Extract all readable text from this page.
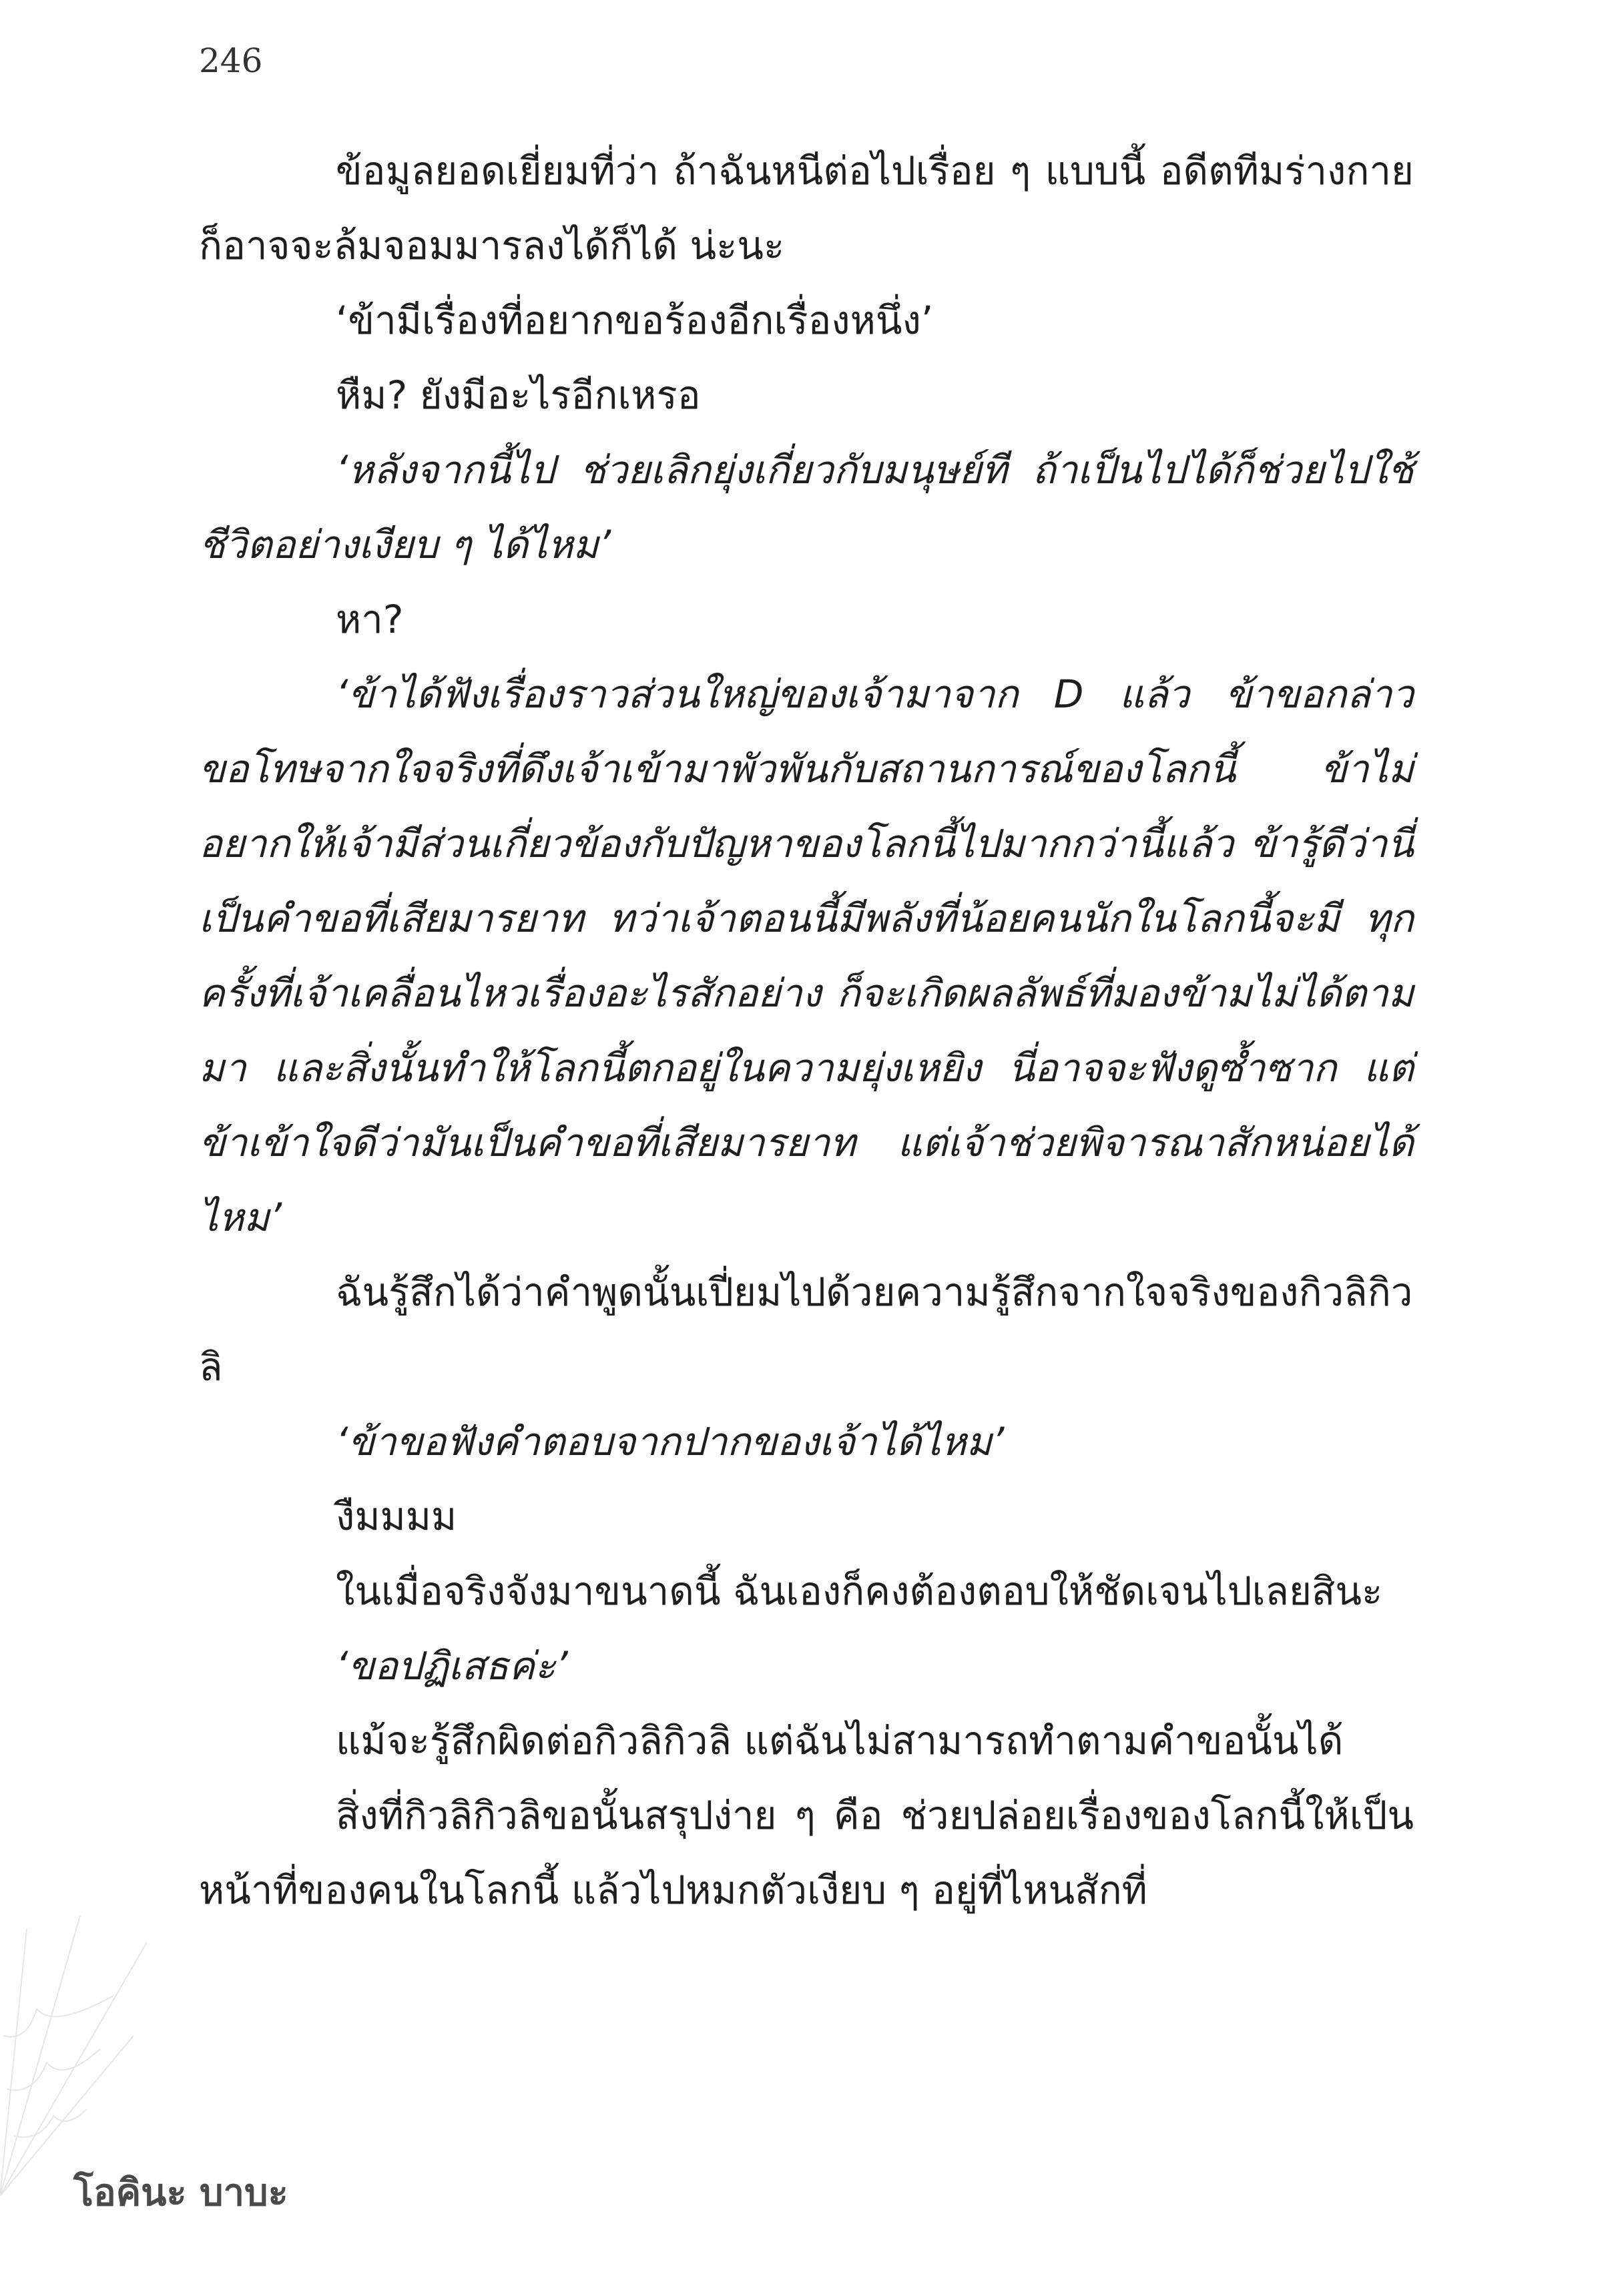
246

ข้อมูลยอดเยี่ยมที่ว่า ถ้าฉันหนีต่อไปเรื่อย ๆ แบบนี้ อดีตทีมร่างกายก็อาจจะล้มจอมมารลงได้ก็ได้ น่ะนะ

‘ข้ามีเรื่องที่อยากขอร้องอีกเรื่องหนึ่ง’

หืม? ยังมีอะไรอีกเหรอ

‘หลังจากนี้ไป ช่วยเลิกยุ่งเกี่ยวกับมนุษย์ที ถ้าเป็นไปได้ก็ช่วยไปใช้ชีวิตอย่างเงียบ ๆ ได้ไหม’

หา?

‘ข้าได้ฟังเรื่องราวส่วนใหญ่ของเจ้ามาจาก D แล้ว ข้าขอกล่าวขอโทษจากใจจริงที่ดึงเจ้าเข้ามาพัวพันกับสถานการณ์ของโลกนี้ ข้าไม่อยากให้เจ้ามีส่วนเกี่ยวข้องกับปัญหาของโลกนี้ไปมากกว่านี้แล้ว ข้ารู้ดีว่านี่เป็นคำขอที่เสียมารยาท ทว่าเจ้าตอนนี้มีพลังที่น้อยคนนักในโลกนี้จะมี ทุกครั้งที่เจ้าเคลื่อนไหวเรื่องอะไรสักอย่าง ก็จะเกิดผลลัพธ์ที่มองข้ามไม่ได้ตามมา และสิ่งนั้นทำให้โลกนี้ตกอยู่ในความยุ่งเหยิง นี่อาจจะฟังดูซ้ำซาก แต่ข้าเข้าใจดีว่ามันเป็นคำขอที่เสียมารยาท แต่เจ้าช่วยพิจารณาสักหน่อยได้ไหม’

ฉันรู้สึกได้ว่าคำพูดนั้นเปี่ยมไปด้วยความรู้สึกจากใจจริงของกิวลิกิวลิ

‘ข้าขอฟังคำตอบจากปากของเจ้าได้ไหม’

งืมมมม

ในเมื่อจริงจังมาขนาดนี้ ฉันเองก็คงต้องตอบให้ชัดเจนไปเลยสินะ

‘ขอปฏิเสธค่ะ’

แม้จะรู้สึกผิดต่อกิวลิกิวลิ แต่ฉันไม่สามารถทำตามคำขอนั้นได้

สิ่งที่กิวลิกิวลิขอนั้นสรุปง่าย ๆ คือ ช่วยปล่อยเรื่องของโลกนี้ให้เป็นหน้าที่ของคนในโลกนี้ แล้วไปหมกตัวเงียบ ๆ อยู่ที่ไหนสักที่

โอคินะ บาบะ
